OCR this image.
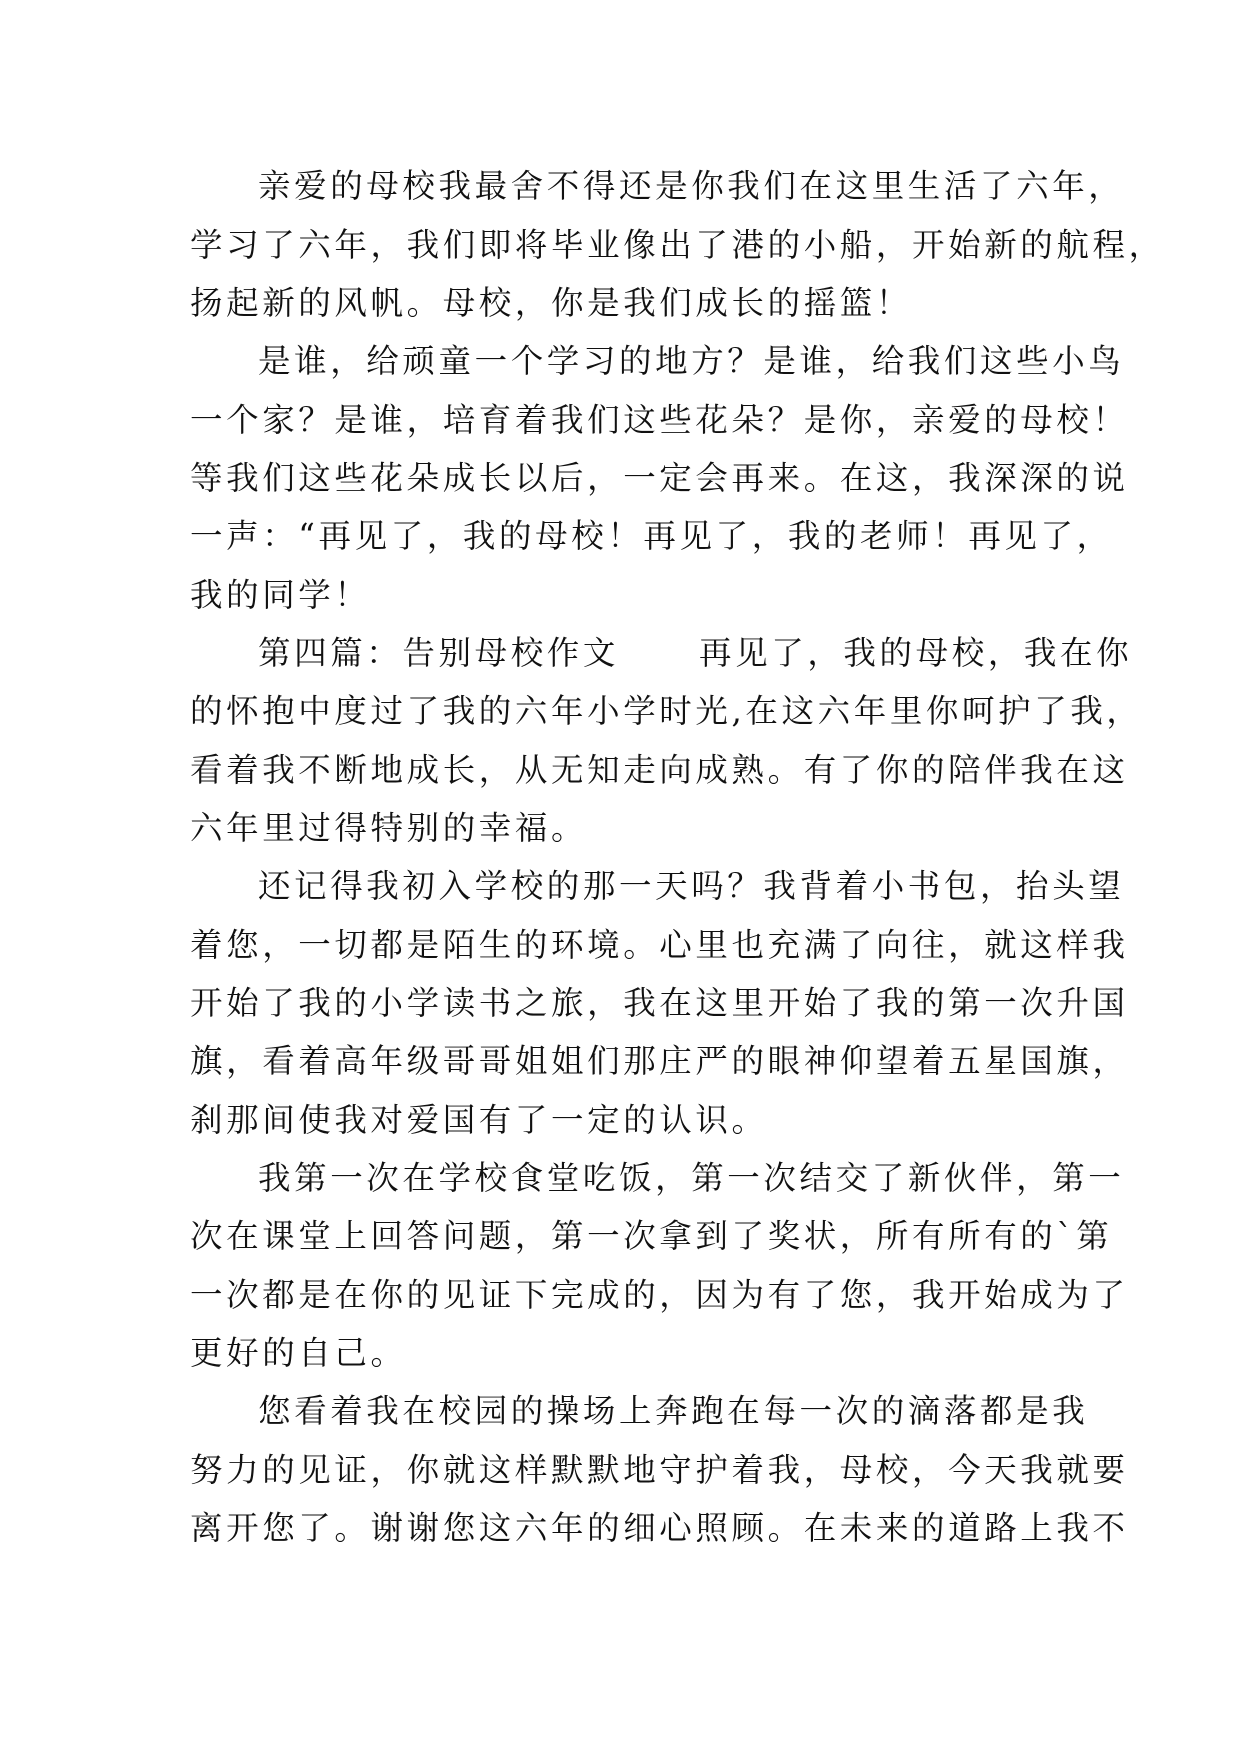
亲爱的母校我最舍不得还是你我们在这里生活了六年，

学习了六年，我们即将毕业像出了港的小船，开始新的航程，

扬起新的风帆。母校，你是我们成长的摇篮！

是谁，给顽童一个学习的地方？是谁，给我们这些小鸟

一个家？是谁，培育着我们这些花朵？是你，亲爱的母校！

等我们这些花朵成长以后，一定会再来。在这，我深深的说

一声：“再见了，我的母校！再见了，我的老师！再见了，

我的同学！

第四篇：告别母校作文 再见了，我的母校，我在你

的怀抱中度过了我的六年小学时光,在这六年里你呵护了我，

看着我不断地成长，从无知走向成熟。有了你的陪伴我在这

六年里过得特别的幸福。

还记得我初入学校的那一天吗？我背着小书包，抬头望

着您，一切都是陌生的环境。心里也充满了向往，就这样我

开始了我的小学读书之旅，我在这里开始了我的第一次升国

旗，看着高年级哥哥姐姐们那庄严的眼神仰望着五星国旗，

刹那间使我对爱国有了一定的认识。

我第一次在学校食堂吃饭，第一次结交了新伙伴，第一

次在课堂上回答问题，第一次拿到了奖状，所有所有的`第

一次都是在你的见证下完成的，因为有了您，我开始成为了

更好的自己。

您看着我在校园的操场上奔跑在每一次的滴落都是我

努力的见证，你就这样默默地守护着我，母校，今天我就要

离开您了。谢谢您这六年的细心照顾。在未来的道路上我不
